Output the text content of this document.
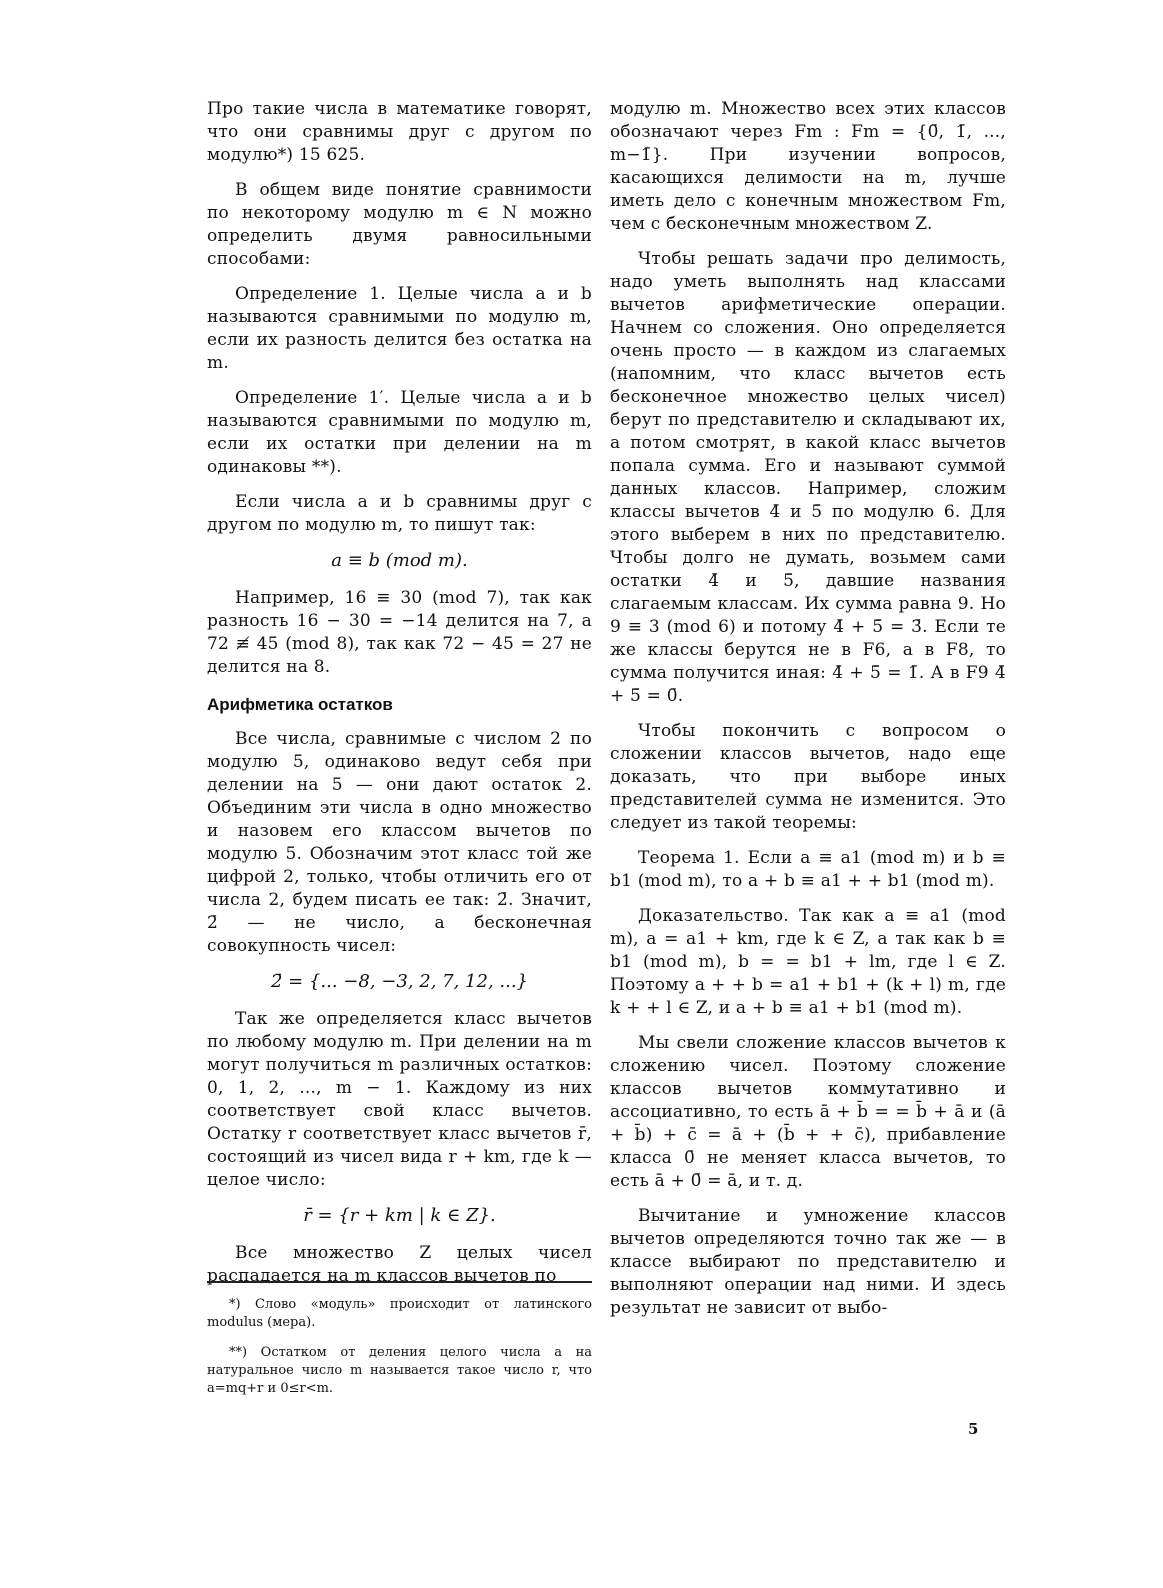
Про такие числа в математике говорят, что они сравнимы друг с другом по модулю*) 15 625.

В общем виде понятие сравнимости по некоторому модулю m ∈ N можно определить двумя равносильными способами:

Определение 1. Целые числа a и b называются сравнимыми по модулю m, если их разность делится без остатка на m.

Определение 1′. Целые числа a и b называются сравнимыми по модулю m, если их остатки при делении на m одинаковы **).

Если числа a и b сравнимы друг с другом по модулю m, то пишут так:

a ≡ b (mod m).

Например, 16 ≡ 30 (mod 7), так как разность 16 − 30 = −14 делится на 7, а 72 ≢ 45 (mod 8), так как 72 − 45 = 27 не делится на 8.

Арифметика остатков

Все числа, сравнимые с числом 2 по модулю 5, одинаково ведут себя при делении на 5 — они дают остаток 2. Объединим эти числа в одно множество и назовем его классом вычетов по модулю 5. Обозначим этот класс той же цифрой 2, только, чтобы отличить его от числа 2, будем писать ее так: 2̄. Значит, 2̄ — не число, а бесконечная совокупность чисел:

2̄ = {... −8, −3, 2, 7, 12, ...}

Так же определяется класс вычетов по любому модулю m. При делении на m могут получиться m различных остатков: 0, 1, 2, ..., m − 1. Каждому из них соответствует свой класс вычетов. Остатку r соответствует класс вычетов r̄, состоящий из чисел вида r + km, где k — целое число:

r̄ = {r + km | k ∈ Z}.

Все множество Z целых чисел распадается на m классов вычетов по

*) Слово «модуль» происходит от латинского modulus (мера).

**) Остатком от деления целого числа a на натуральное число m называется такое число r, что a=mq+r и 0≤r<m.

модулю m. Множество всех этих классов обозначают через Fm : Fm = {0̄, 1̄, ..., m−1̄}. При изучении вопросов, касающихся делимости на m, лучше иметь дело с конечным множеством Fm, чем с бесконечным множеством Z.

Чтобы решать задачи про делимость, надо уметь выполнять над классами вычетов арифметические операции. Начнем со сложения. Оно определяется очень просто — в каждом из слагаемых (напомним, что класс вычетов есть бесконечное множество целых чисел) берут по представителю и складывают их, а потом смотрят, в какой класс вычетов попала сумма. Его и называют суммой данных классов. Например, сложим классы вычетов 4̄ и 5̄ по модулю 6. Для этого выберем в них по представителю. Чтобы долго не думать, возьмем сами остатки 4̄ и 5̄, давшие названия слагаемым классам. Их сумма равна 9. Но 9 ≡ 3 (mod 6) и потому 4̄ + 5̄ = 3̄. Если те же классы берутся не в F6, а в F8, то сумма получится иная: 4̄ + 5̄ = 1̄. А в F9 4̄ + 5̄ = 0̄.

Чтобы покончить с вопросом о сложении классов вычетов, надо еще доказать, что при выборе иных представителей сумма не изменится. Это следует из такой теоремы:

Теорема 1. Если a ≡ a1 (mod m) и b ≡ b1 (mod m), то a + b ≡ a1 + + b1 (mod m).

Доказательство. Так как a ≡ a1 (mod m), a = a1 + km, где k ∈ Z, а так как b ≡ b1 (mod m), b = = b1 + lm, где l ∈ Z. Поэтому a + + b = a1 + b1 + (k + l) m, где k + + l ∈ Z, и a + b ≡ a1 + b1 (mod m).

Мы свели сложение классов вычетов к сложению чисел. Поэтому сложение классов вычетов коммутативно и ассоциативно, то есть ā + b̄ = = b̄ + ā и (ā + b̄) + c̄ = ā + (b̄ + + c̄), прибавление класса 0̄ не меняет класса вычетов, то есть ā + 0̄ = ā, и т. д.

Вычитание и умножение классов вычетов определяются точно так же — в классе выбирают по представителю и выполняют операции над ними. И здесь результат не зависит от выбо-

5
